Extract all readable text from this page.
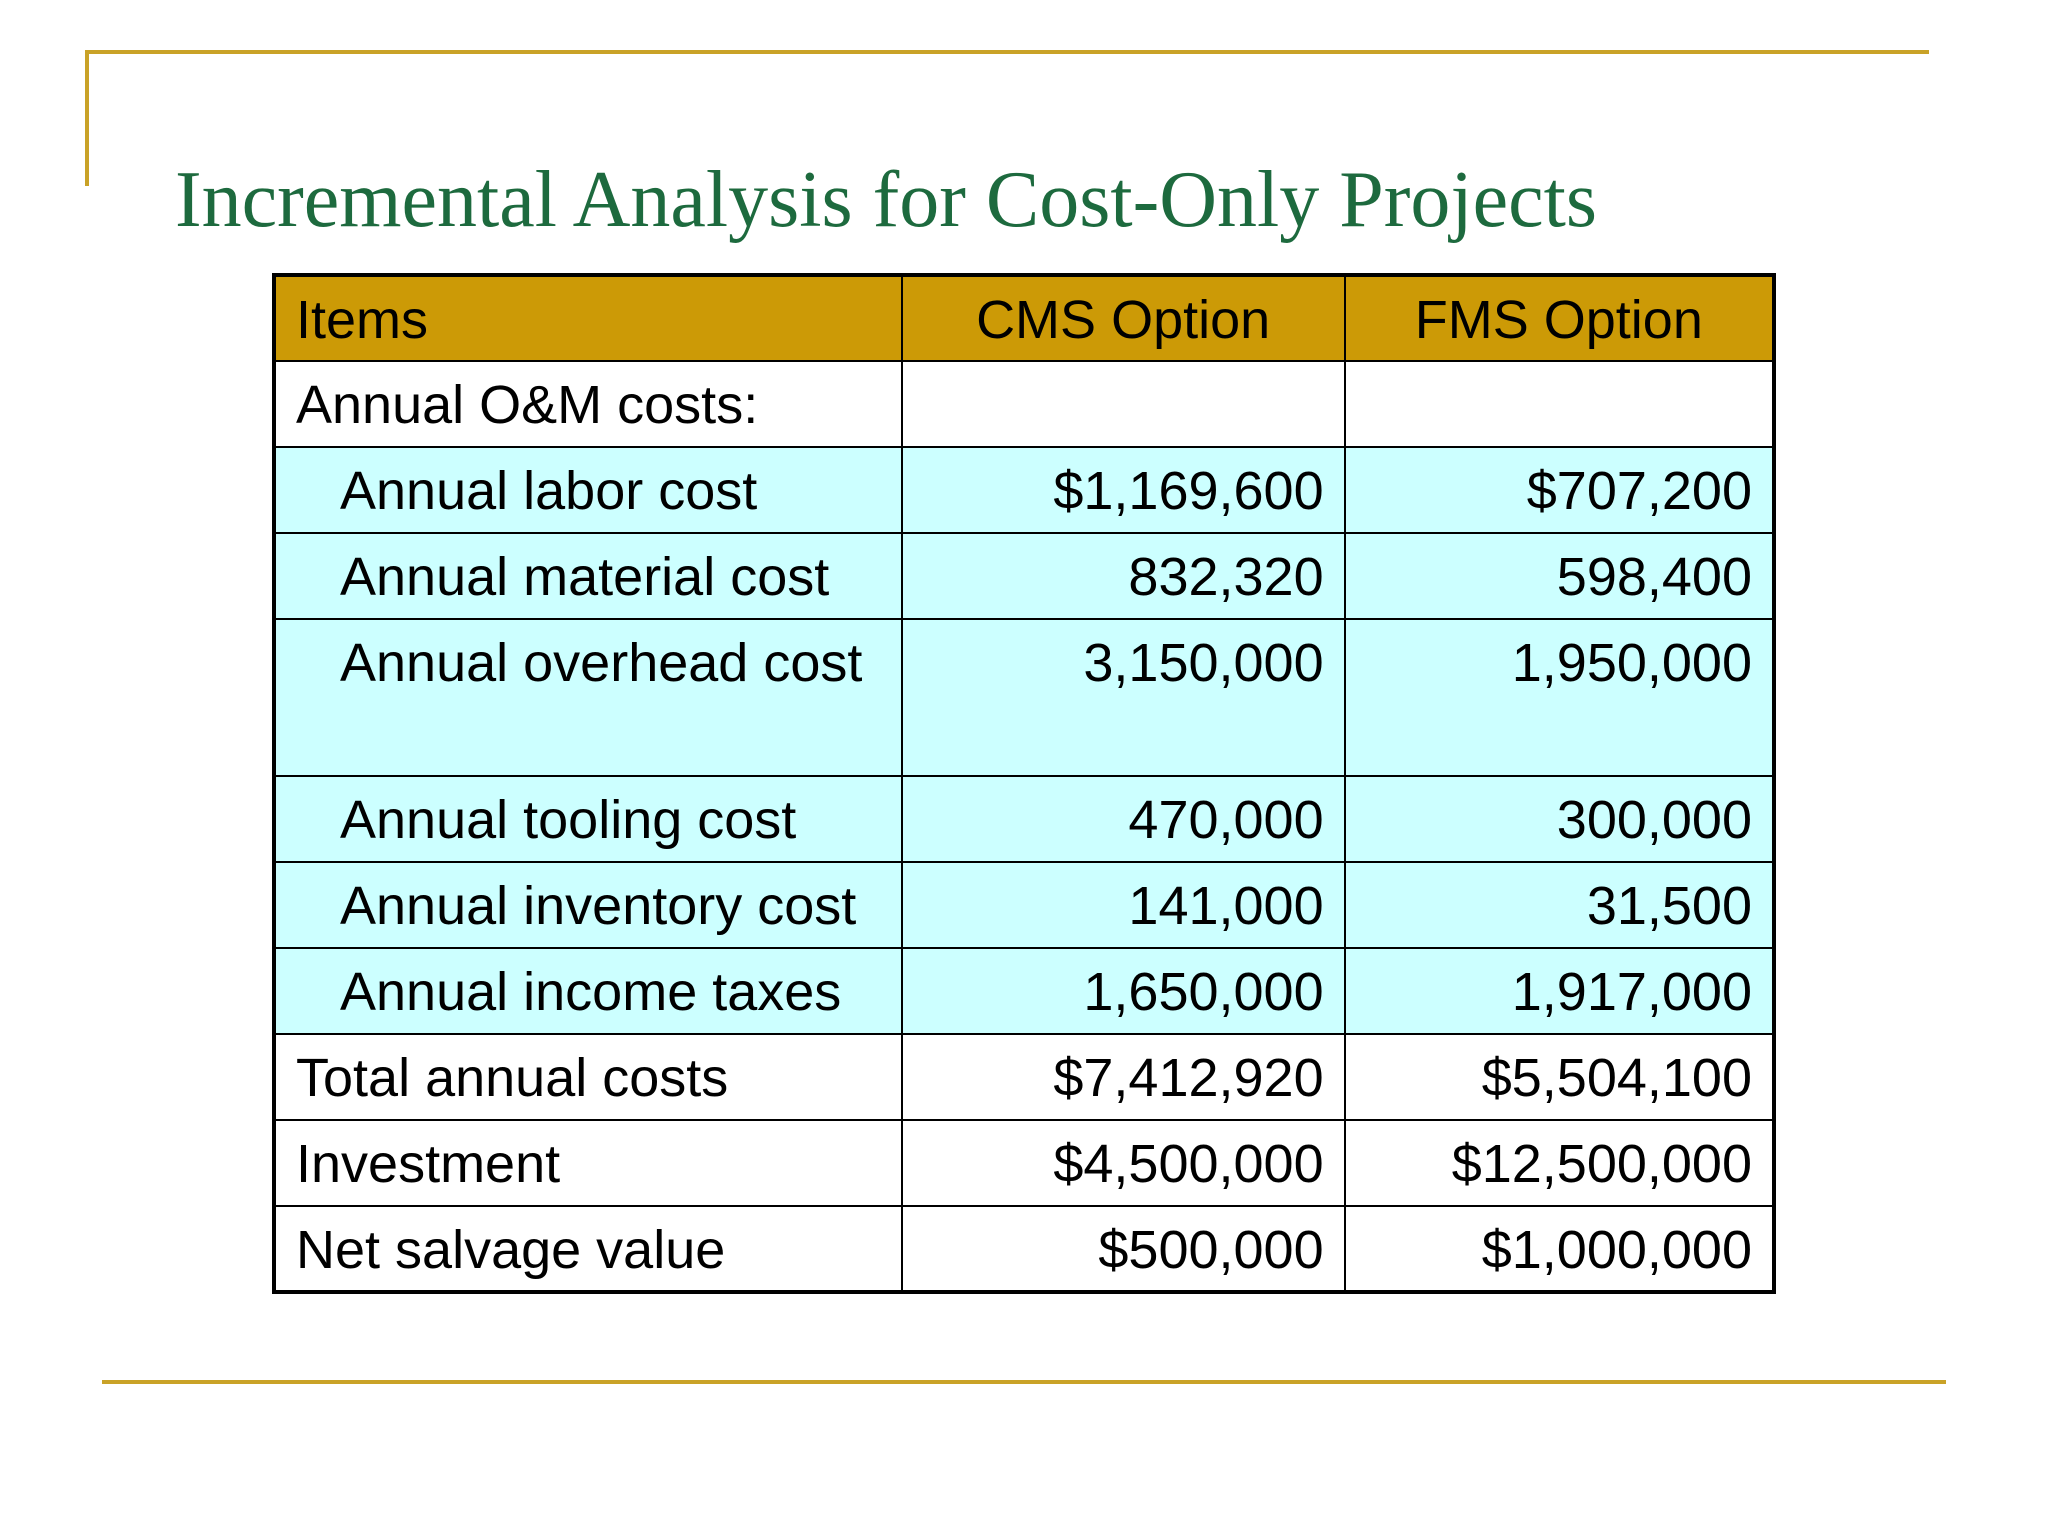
Incremental Analysis for Cost-Only Projects
Items	CMS Option	FMS Option
Annual O&M costs:		
Annual labor cost	$1,169,600	$707,200
Annual material cost	832,320	598,400

Annual overhead cost	3,150,000	1,950,000
Annual tooling cost	470,000	300,000
Annual inventory cost	141,000	31,500
Annual income taxes	1,650,000	1,917,000
Total annual costs	$7,412,920	$5,504,100
Investment	$4,500,000	$12,500,000
Net salvage value	$500,000	$1,000,000
